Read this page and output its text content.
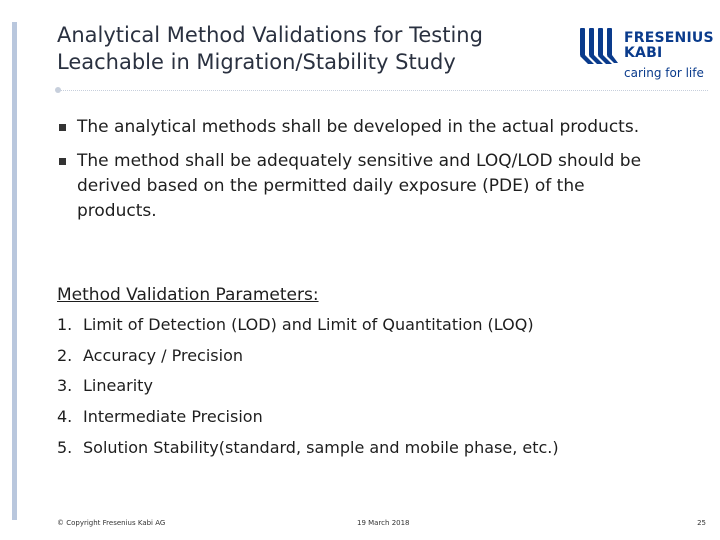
Analytical Method Validations for Testing
Leachable in Migration/Stability Study
FRESENIUS
KABI
caring for life
The analytical methods shall be developed in the actual products.
The method shall be adequately sensitive and LOQ/LOD should be derived based on the permitted daily exposure (PDE) of the products.
Method Validation Parameters:
1. Limit of Detection (LOD) and Limit of Quantitation (LOQ)
2. Accuracy / Precision
3. Linearity
4. Intermediate Precision
5. Solution Stability(standard, sample and mobile phase, etc.)
© Copyright Fresenius Kabi AG	19 March 2018	25
